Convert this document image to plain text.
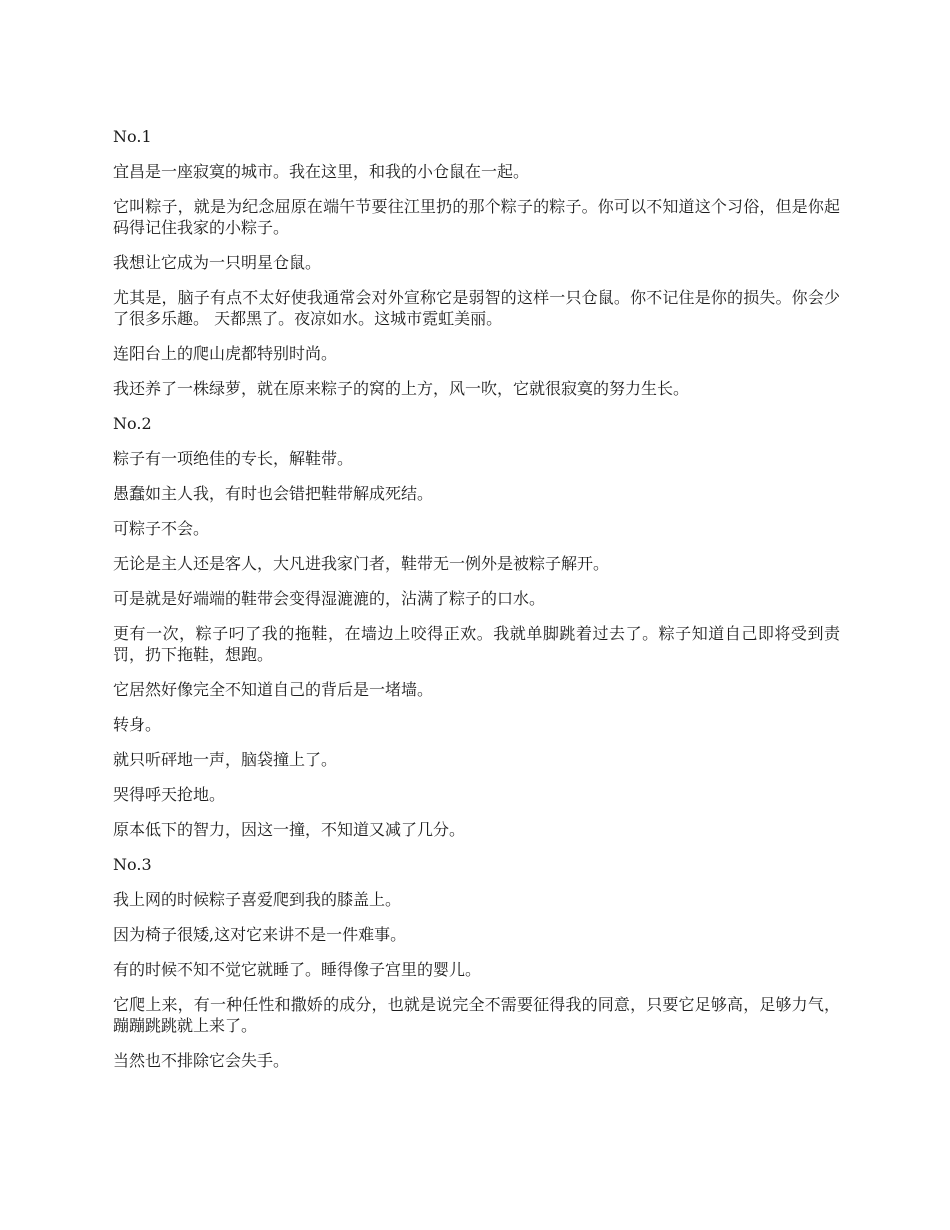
No.1

宜昌是一座寂寞的城市。我在这里，和我的小仓鼠在一起。

它叫粽子，就是为纪念屈原在端午节要往江里扔的那个粽子的粽子。你可以不知道这个习俗，但是你起码得记住我家的小粽子。

我想让它成为一只明星仓鼠。

尤其是，脑子有点不太好使我通常会对外宣称它是弱智的这样一只仓鼠。你不记住是你的损失。你会少了很多乐趣。 天都黑了。夜凉如水。这城市霓虹美丽。

连阳台上的爬山虎都特别时尚。

我还养了一株绿萝，就在原来粽子的窝的上方，风一吹，它就很寂寞的努力生长。

No.2

粽子有一项绝佳的专长，解鞋带。

愚蠢如主人我，有时也会错把鞋带解成死结。

可粽子不会。

无论是主人还是客人，大凡进我家门者，鞋带无一例外是被粽子解开。

可是就是好端端的鞋带会变得湿漉漉的，沾满了粽子的口水。

更有一次，粽子叼了我的拖鞋，在墙边上咬得正欢。我就单脚跳着过去了。粽子知道自己即将受到责罚，扔下拖鞋，想跑。

它居然好像完全不知道自己的背后是一堵墙。

转身。

就只听砰地一声，脑袋撞上了。

哭得呼天抢地。

原本低下的智力，因这一撞，不知道又减了几分。

No.3

我上网的时候粽子喜爱爬到我的膝盖上。

因为椅子很矮,这对它来讲不是一件难事。

有的时候不知不觉它就睡了。睡得像子宫里的婴儿。

它爬上来，有一种任性和撒娇的成分，也就是说完全不需要征得我的同意，只要它足够高，足够力气，蹦蹦跳跳就上来了。

当然也不排除它会失手。
